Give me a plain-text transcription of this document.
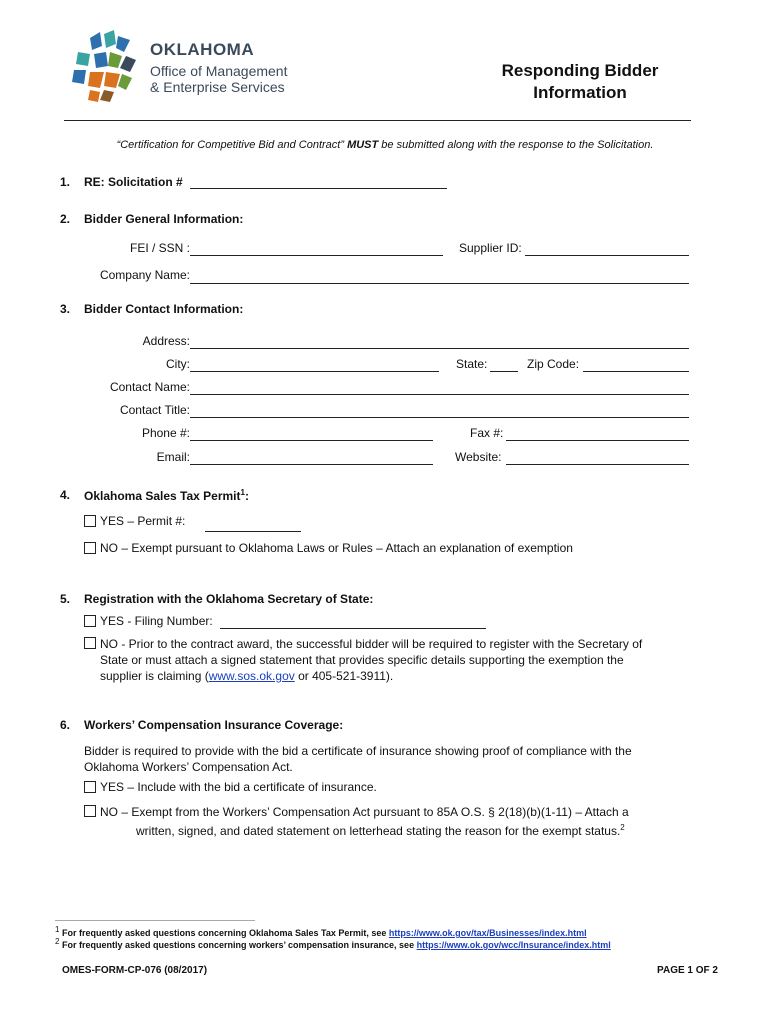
OKLAHOMA
Office of Management
& Enterprise Services
Responding Bidder
Information
“Certification for Competitive Bid and Contract” MUST be submitted along with the response to the Solicitation.
1. RE: Solicitation #
2. Bidder General Information:
FEI / SSN :	Supplier ID:
Company Name:
3. Bidder Contact Information:
Address:
City:	State:	Zip Code:
Contact Name:
Contact Title:
Phone #:	Fax #:
Email:	Website:
4. Oklahoma Sales Tax Permit$^1$:
YES – Permit #:
NO – Exempt pursuant to Oklahoma Laws or Rules – Attach an explanation of exemption
5. Registration with the Oklahoma Secretary of State:
YES - Filing Number:
NO - Prior to the contract award, the successful bidder will be required to register with the Secretary of
State or must attach a signed statement that provides specific details supporting the exemption the
supplier is claiming (www.sos.ok.gov or 405-521-3911).
6. Workers’ Compensation Insurance Coverage:
Bidder is required to provide with the bid a certificate of insurance showing proof of compliance with the
Oklahoma Workers’ Compensation Act.
YES – Include with the bid a certificate of insurance.
NO – Exempt from the Workers’ Compensation Act pursuant to 85A O.S. § 2(18)(b)(1-11) – Attach a
written, signed, and dated statement on letterhead stating the reason for the exempt status.$^2$
$^1$ For frequently asked questions concerning Oklahoma Sales Tax Permit, see https://www.ok.gov/tax/Businesses/index.html
$^2$ For frequently asked questions concerning workers’ compensation insurance, see https://www.ok.gov/wcc/Insurance/index.html
OMES-FORM-CP-076 (08/2017)	PAGE 1 OF 2
